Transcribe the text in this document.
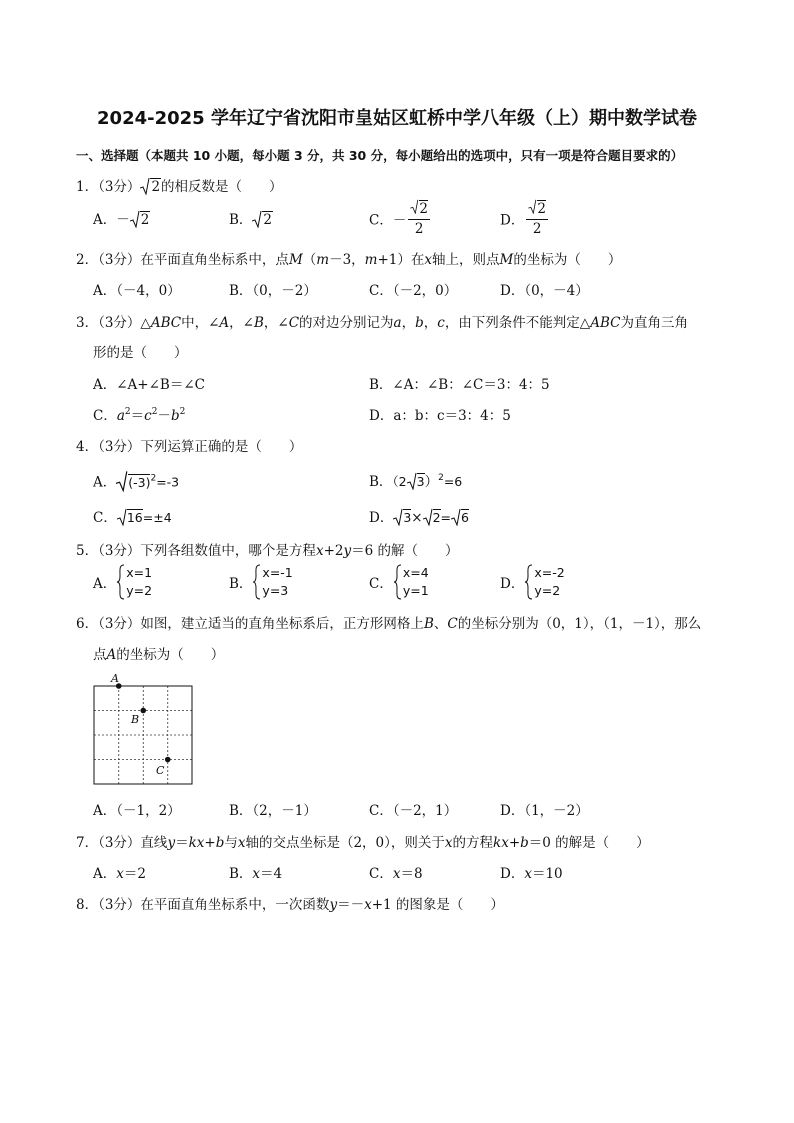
2024-2025 学年辽宁省沈阳市皇姑区虹桥中学八年级（上）期中数学试卷
一、选择题（本题共 10 小题，每小题 3 分，共 30 分，每小题给出的选项中，只有一项是符合题目要求的）
1．（3分） 2的相反数是（　　）
A．－ 2	B． 2	C．－ $\frac{2}{2}$	D． $\frac{2}{2}$
2．（3分）在平面直角坐标系中，点M（m－3，m+1）在x轴上，则点M的坐标为（　　）
A．（－4，0）	B．（0，－2）	C．（－2，0）	D．（0，－4）
3．（3分）△ABC中，∠A，∠B，∠C的对边分别记为a，b，c，由下列条件不能判定△ABC为直角三角
形的是（　　）
A．∠A+∠B＝∠C	B．∠A：∠B：∠C＝3：4：5
C．$a^2=c^2-b^2$	D．a：b：c＝3：4：5
4．（3分）下列运算正确的是（　　）
A． $(-3)^2=-3$	B．（2 3）$^2$=6
C． 16=±4	D． 3× 2= 6
5．（3分）下列各组数值中，哪个是方程x+2y＝6 的解（　　）
A．
x=1
y=2	B．
x=-1
y=3	C．
x=4
y=1	D．
x=-2
y=2
6．（3分）如图，建立适当的直角坐标系后，正方形网格上B、C的坐标分别为（0，1），（1，－1），那么
点A的坐标为（　　）
A
B
C
A．（－1，2）	B．（2，－1）	C．（－2，1）	D．（1，－2）
7．（3分）直线y＝kx+b与x轴的交点坐标是（2，0），则关于x的方程kx+b＝0 的解是（　　）
A．x＝2	B．x＝4	C．x＝8	D．x＝10
8．（3分）在平面直角坐标系中，一次函数y＝－x+1 的图象是（　　）
